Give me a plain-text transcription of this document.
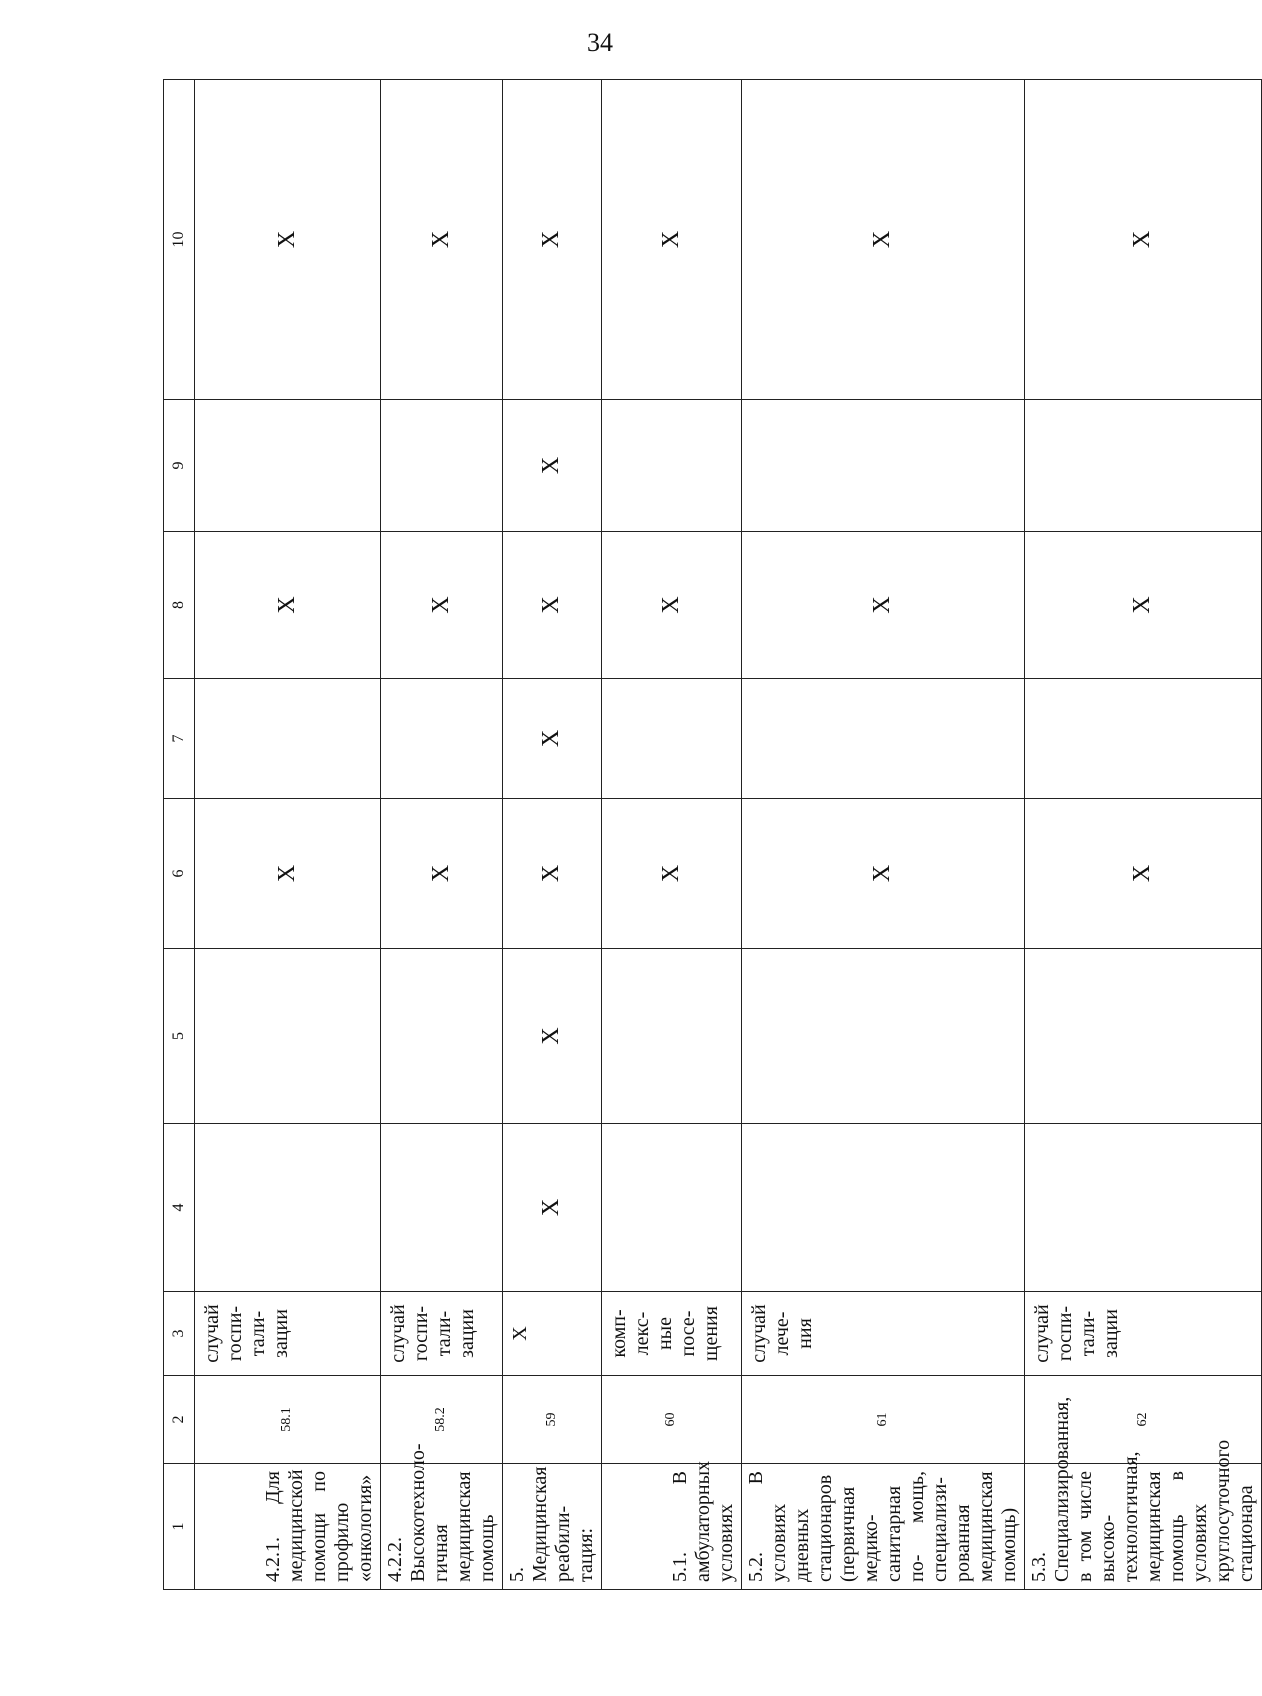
34
1	2	3	4	5	6	7	8	9	10
4.2.1. Для медицинской помощи по профилю «онкология»	58.1	случай госпи- тали- зации			X		X		X
4.2.2. Высокотехноло- гичная медицинская помощь	58.2	случай госпи- тали- зации			X		X		X
5. Медицинская реабили- тация:	59	X	X	X	X	X	X	X	X
5.1. В амбулаторных условиях	60	комп- лекс- ные посе- щения			X		X		X
5.2. В условиях дневных стационаров (первичная медико-санитарная по- мощь, специализи- рованная медицинская помощь)	61	случай лече- ния			X		X		X
5.3. Специализированная, в том числе высоко- технологичная, медицинская помощь в условиях круглосуточного стационара	62	случай госпи- тали- зации			X		X		X
